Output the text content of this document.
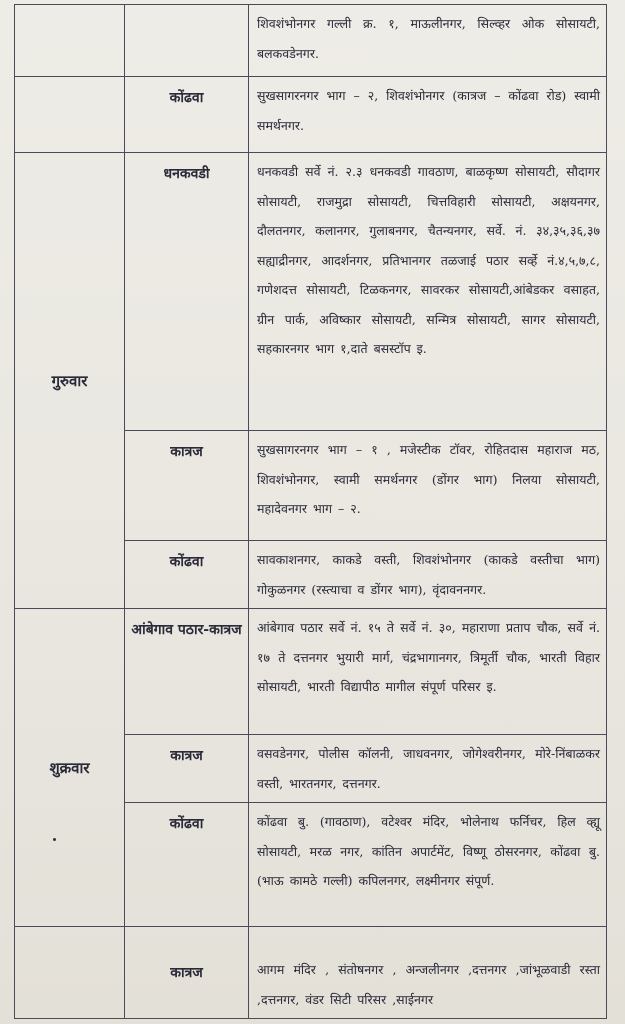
		शिवशंभोनगर गल्ली क्र. १, माऊलीनगर, सिल्व्हर ओक सोसायटी, बलकवडेनगर.
	कोंढवा	सुखसागरनगर भाग – २, शिवशंभोनगर (कात्रज – कोंढवा रोड) स्वामी समर्थनगर.
गुरुवार	धनकवडी	धनकवडी सर्वे नं. २.३ धनकवडी गावठाण, बाळकृष्ण सोसायटी, सौदागर सोसायटी, राजमुद्रा सोसायटी, चित्तविहारी सोसायटी, अक्षयनगर, दौलतनगर, कलानगर, गुलाबनगर, चैतन्यनगर, सर्वे. नं. ३४,३५,३६,३७ सह्याद्रीनगर, आदर्शनगर, प्रतिभानगर तळजाई पठार सर्व्हे नं.४,५,७,८, गणेशदत्त सोसायटी, टिळकनगर, सावरकर सोसायटी,आंबेडकर वसाहत, ग्रीन पार्क, अविष्कार सोसायटी, सन्मित्र सोसायटी, सागर सोसायटी, सहकारनगर भाग १,दाते बसस्टॉप इ.
	कात्रज	सुखसागरनगर भाग – १ , मजेस्टीक टॉवर, रोहितदास महाराज मठ, शिवशंभोनगर, स्वामी समर्थनगर (डोंगर भाग) निलया सोसायटी, महादेवनगर भाग – २.
	कोंढवा	सावकाशनगर, काकडे वस्ती, शिवशंभोनगर (काकडे वस्तीचा भाग) गोकुळनगर (रस्त्याचा व डोंगर भाग), वृंदावननगर.
शुक्रवार	आंबेगाव पठार-कात्रज	आंबेगाव पठार सर्वे नं. १५ ते सर्वे नं. ३०, महाराणा प्रताप चौक, सर्वे नं. १७ ते दत्तनगर भुयारी मार्ग, चंद्रभागानगर, त्रिमूर्ती चौक, भारती विहार सोसायटी, भारती विद्यापीठ मागील संपूर्ण परिसर इ.
	कात्रज	वसवडेनगर, पोलीस कॉलनी, जाधवनगर, जोगेश्वरीनगर, मोरे-निंबाळकर वस्ती, भारतनगर, दत्तनगर.
	कोंढवा	कोंढवा बु. (गावठाण), वटेश्वर मंदिर, भोलेनाथ फर्निचर, हिल व्ह्यू सोसायटी, मरळ नगर, कांतिन अपार्टमेंट, विष्णू ठोसरनगर, कोंढवा बु. (भाऊ कामठे गल्ली) कपिलनगर, लक्ष्मीनगर संपूर्ण.
	कात्रज	आगम मंदिर , संतोषनगर , अन्जलीनगर ,दत्तनगर ,जांभूळवाडी रस्ता ,दत्तनगर, वंडर सिटी परिसर ,साईनगर
